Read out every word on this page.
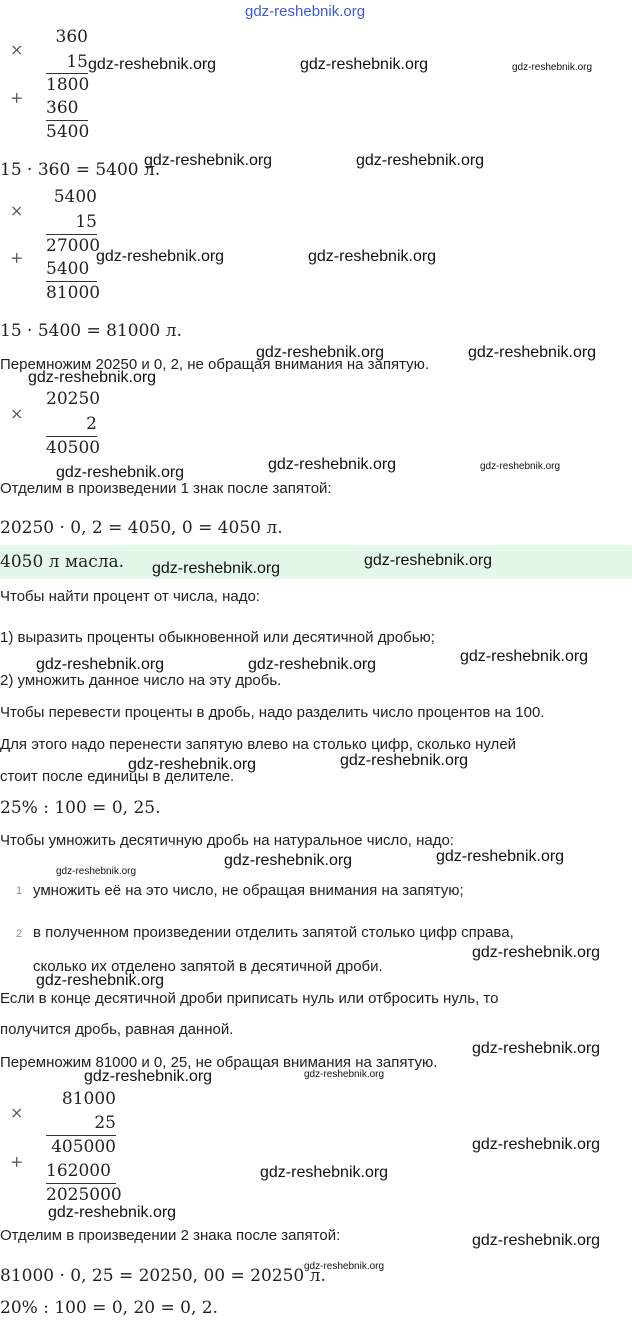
gdz-reshebnik.org
×
360
15
1800
+
360
5400
15 · 360 = 5400 л.
×
5400
15
27000
+
5400
81000
15 · 5400 = 81000 л.
Перемножим 20250 и 0, 2, не обращая внимания на запятую.
×
20250
2
40500
Отделим в произведении 1 знак после запятой:
20250 · 0, 2 = 4050, 0 = 4050 л.
4050 л масла.
Чтобы найти процент от числа, надо:
1) выразить проценты обыкновенной или десятичной дробью;
2) умножить данное число на эту дробь.
Чтобы перевести проценты в дробь, надо разделить число процентов на 100.
Для этого надо перенести запятую влево на столько цифр, сколько нулей
стоит после единицы в делителе.
25% : 100 = 0, 25.
Чтобы умножить десятичную дробь на натуральное число, надо:
1 умножить её на это число, не обращая внимания на запятую;
2 в полученном произведении отделить запятой столько цифр справа,
сколько их отделено запятой в десятичной дроби.
Если в конце десятичной дроби приписать нуль или отбросить нуль, то
получится дробь, равная данной.
Перемножим 81000 и 0, 25, не обращая внимания на запятую.
×
81000
25
405000
+ 162000
2025000
Отделим в произведении 2 знака после запятой:
81000 · 0, 25 = 20250, 00 = 20250 л.
20% : 100 = 0, 20 = 0, 2.
gdz-reshebnik.org	gdz-reshebnik.org	gdz-reshebnik.org
gdz-reshebnik.org	gdz-reshebnik.org
gdz-reshebnik.org	gdz-reshebnik.org
gdz-reshebnik.org	gdz-reshebnik.org
gdz-reshebnik.org
gdz-reshebnik.org	gdz-reshebnik.org	gdz-reshebnik.org
gdz-reshebnik.org	gdz-reshebnik.org
gdz-reshebnik.org	gdz-reshebnik.org	gdz-reshebnik.org
gdz-reshebnik.org	gdz-reshebnik.org
gdz-reshebnik.org
gdz-reshebnik.org	gdz-reshebnik.org
gdz-reshebnik.org
gdz-reshebnik.org
gdz-reshebnik.org
gdz-reshebnik.org	gdz-reshebnik.org
gdz-reshebnik.org
gdz-reshebnik.org
gdz-reshebnik.org
gdz-reshebnik.org
gdz-reshebnik.org
